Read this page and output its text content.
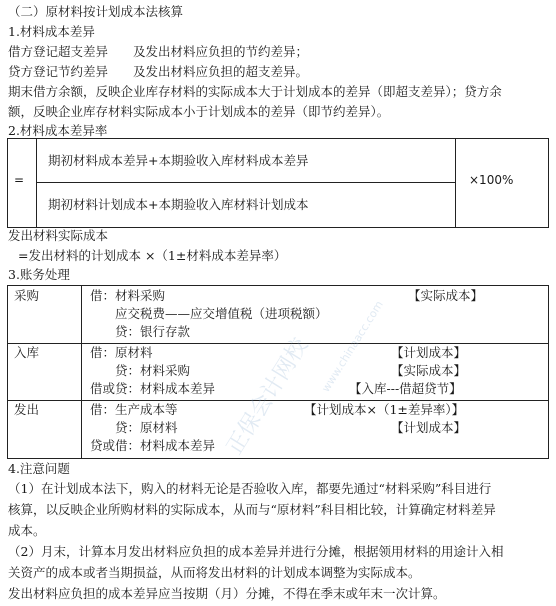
（二）原材料按计划成本法核算
1.材料成本差异
借方登记超支差异　　及发出材料应负担的节约差异；
贷方登记节约差异　　及发出材料应负担的超支差异。
期末借方余额，反映企业库存材料的实际成本大于计划成本的差异（即超支差异）；贷方余
额，反映企业库存材料实际成本小于计划成本的差异（即节约差异）。
2.材料成本差异率
=
期初材料成本差异+本期验收入库材料成本差异
期初材料计划成本+本期验收入库材料计划成本
×100%
发出材料实际成本
=发出材料的计划成本 ×（1±材料成本差异率）
3.账务处理
采购	借：材料采购	【实际成本】
　　应交税费——应交增值税（进项税额）
　　贷：银行存款
入库	借：原材料	【计划成本】
　　贷：材料采购	【实际成本】
借或贷：材料成本差异	【入库---借超贷节】
发出	借：生产成本等	【计划成本×（1±差异率）】
　　贷：原材料	【计划成本】
贷或借：材料成本差异
4.注意问题
（1）在计划成本法下，购入的材料无论是否验收入库，都要先通过“材料采购”科目进行
核算，以反映企业所购材料的实际成本，从而与“原材料”科目相比较，计算确定材料差异
成本。
（2）月末，计算本月发出材料应负担的成本差异并进行分摊，根据领用材料的用途计入相
关资产的成本或者当期损益，从而将发出材料的计划成本调整为实际成本。
发出材料应负担的成本差异应当按期（月）分摊，不得在季末或年末一次计算。
正保会计网校 www.chinaacc.com
